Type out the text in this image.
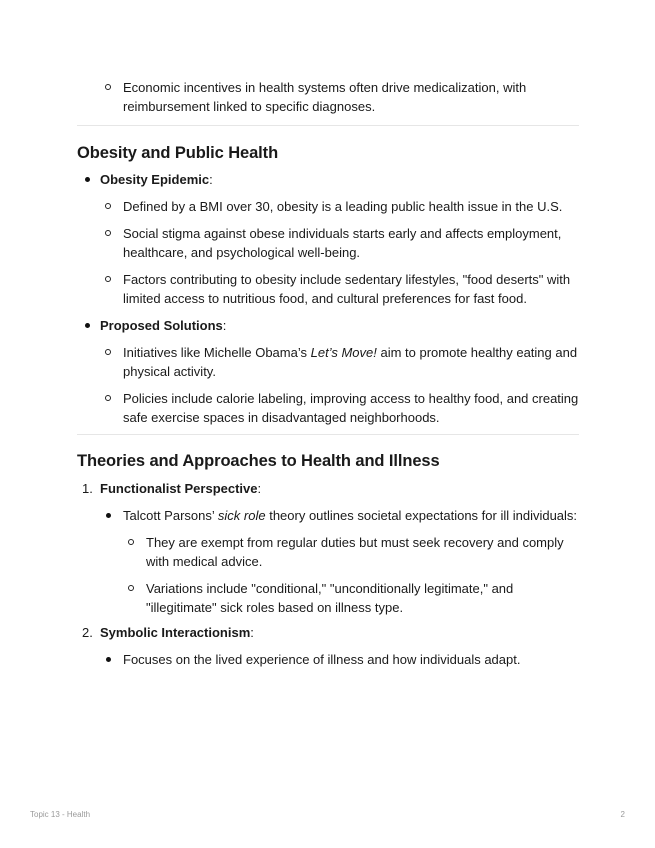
Economic incentives in health systems often drive medicalization, with reimbursement linked to specific diagnoses.
Obesity and Public Health
Obesity Epidemic:
Defined by a BMI over 30, obesity is a leading public health issue in the U.S.
Social stigma against obese individuals starts early and affects employment, healthcare, and psychological well-being.
Factors contributing to obesity include sedentary lifestyles, "food deserts" with limited access to nutritious food, and cultural preferences for fast food.
Proposed Solutions:
Initiatives like Michelle Obama’s Let’s Move! aim to promote healthy eating and physical activity.
Policies include calorie labeling, improving access to healthy food, and creating safe exercise spaces in disadvantaged neighborhoods.
Theories and Approaches to Health and Illness
1. Functionalist Perspective:
Talcott Parsons’ sick role theory outlines societal expectations for ill individuals:
They are exempt from regular duties but must seek recovery and comply with medical advice.
Variations include "conditional," "unconditionally legitimate," and "illegitimate" sick roles based on illness type.
2. Symbolic Interactionism:
Focuses on the lived experience of illness and how individuals adapt.
Topic 13 - Health	2
